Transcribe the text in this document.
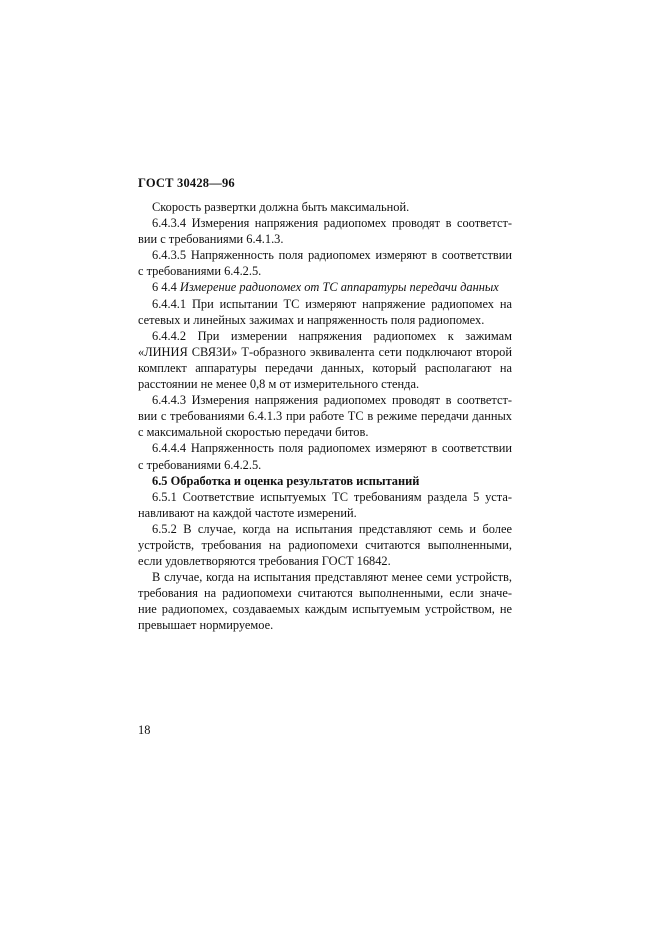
ГОСТ 30428—96

Скорость развертки должна быть максимальной.

6.4.3.4 Измерения напряжения радиопомех проводят в соответст-
вии с требованиями 6.4.1.3.

6.4.3.5 Напряженность поля радиопомех измеряют в соответствии
с требованиями 6.4.2.5.

6 4.4 Измерение радиопомех от ТС аппаратуры передачи данных

6.4.4.1 При испытании ТС измеряют напряжение радиопомех на
сетевых и линейных зажимах и напряженность поля радиопомех.

6.4.4.2 При измерении напряжения радиопомех к зажимам
«ЛИНИЯ СВЯЗИ» Т-образного эквивалента сети подключают второй
комплект аппаратуры передачи данных, который располагают на
расстоянии не менее 0,8 м от измерительного стенда.

6.4.4.3 Измерения напряжения радиопомех проводят в соответст-
вии с требованиями 6.4.1.3 при работе ТС в режиме передачи данных
с максимальной скоростью передачи битов.

6.4.4.4 Напряженность поля радиопомех измеряют в соответствии
с требованиями 6.4.2.5.

6.5 Обработка и оценка результатов испытаний

6.5.1 Соответствие испытуемых ТС требованиям раздела 5 уста-
навливают на каждой частоте измерений.

6.5.2 В случае, когда на испытания представляют семь и более
устройств, требования на радиопомехи считаются выполненными,
если удовлетворяются требования ГОСТ 16842.

В случае, когда на испытания представляют менее семи устройств,
требования на радиопомехи считаются выполненными, если значе-
ние радиопомех, создаваемых каждым испытуемым устройством, не
превышает нормируемое.

18
